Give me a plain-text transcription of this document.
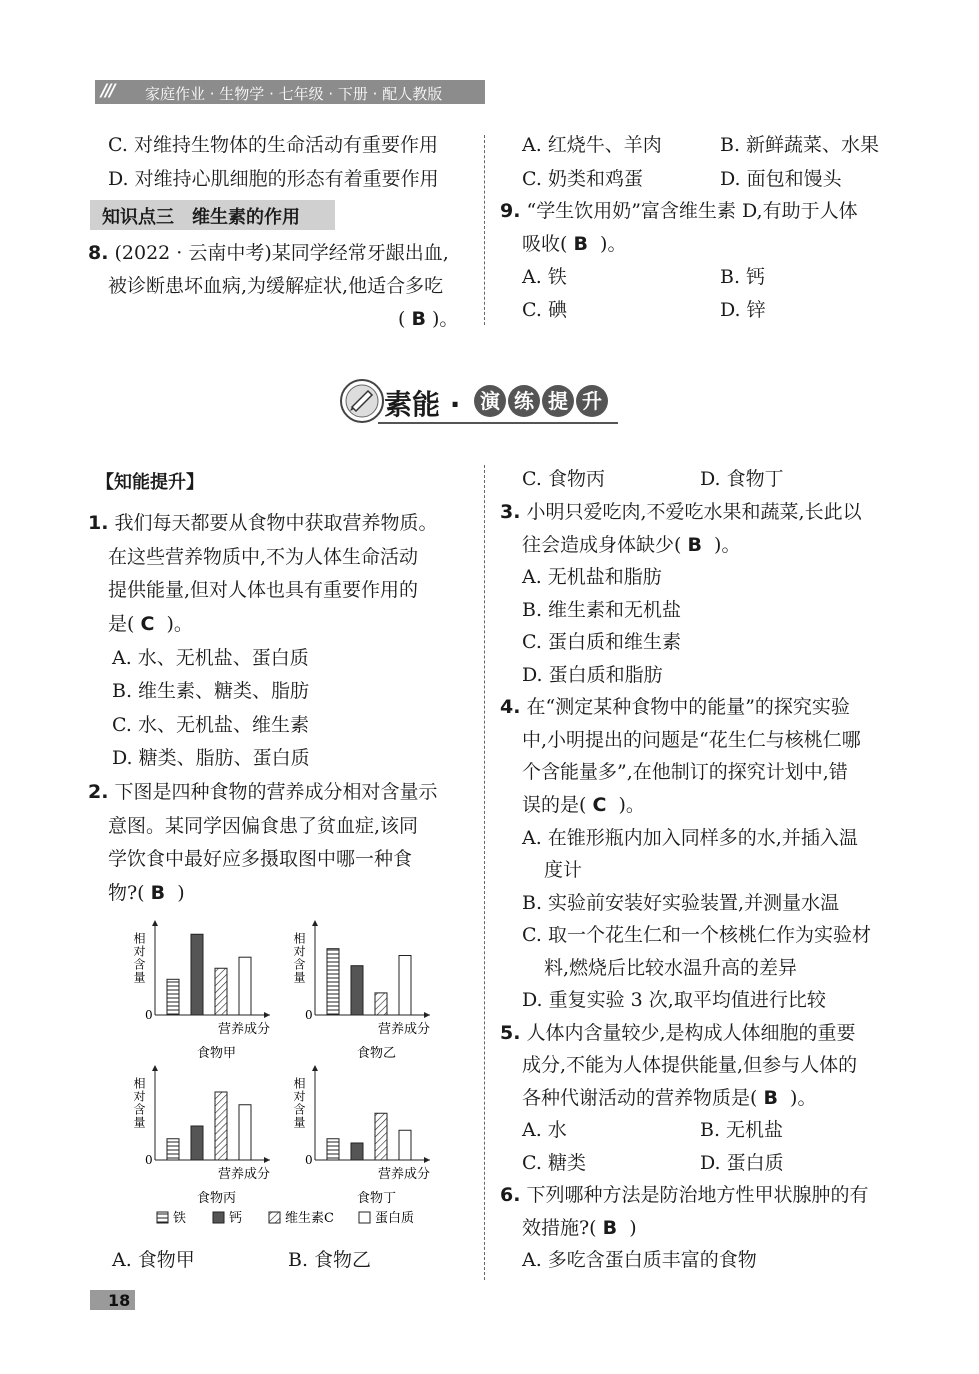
/// 家庭作业 · 生物学 · 七年级 · 下册 · 配人教版
C. 对维持生物体的生命活动有重要作用
D. 对维持心肌细胞的形态有着重要作用
知识点三　维生素的作用
8. (2022 · 云南中考)某同学经常牙龈出血,
被诊断患坏血病,为缓解症状,他适合多吃
( B )。
A. 红烧牛、羊肉	B. 新鲜蔬菜、水果
C. 奶类和鸡蛋	D. 面包和馒头
9. “学生饮用奶”富含维生素 D,有助于人体
吸收( B )。
A. 铁	B. 钙
C. 碘	D. 锌
素能 · 演 练 提 升
【知能提升】
1. 我们每天都要从食物中获取营养物质。
在这些营养物质中,不为人体生命活动
提供能量,但对人体也具有重要作用的
是( C )。
A. 水、无机盐、蛋白质
B. 维生素、糖类、脂肪
C. 水、无机盐、维生素
D. 糖类、脂肪、蛋白质
2. 下图是四种食物的营养成分相对含量示
意图。某同学因偏食患了贫血症,该同
学饮食中最好应多摄取图中哪一种食
物?( B )
相对含量
0
营养成分
食物甲
相对含量
0
营养成分
食物乙
相对含量
0
营养成分
食物丙
相对含量
0
营养成分
食物丁
铁	钙	维生素C	蛋白质
A. 食物甲	B. 食物乙
C. 食物丙	D. 食物丁
3. 小明只爱吃肉,不爱吃水果和蔬菜,长此以
往会造成身体缺少( B )。
A. 无机盐和脂肪
B. 维生素和无机盐
C. 蛋白质和维生素
D. 蛋白质和脂肪
4. 在“测定某种食物中的能量”的探究实验
中,小明提出的问题是“花生仁与核桃仁哪
个含能量多”,在他制订的探究计划中,错
误的是( C )。
A. 在锥形瓶内加入同样多的水,并插入温
度计
B. 实验前安装好实验装置,并测量水温
C. 取一个花生仁和一个核桃仁作为实验材
料,燃烧后比较水温升高的差异
D. 重复实验 3 次,取平均值进行比较
5. 人体内含量较少,是构成人体细胞的重要
成分,不能为人体提供能量,但参与人体的
各种代谢活动的营养物质是( B )。
A. 水	B. 无机盐
C. 糖类	D. 蛋白质
6. 下列哪种方法是防治地方性甲状腺肿的有
效措施?( B )
A. 多吃含蛋白质丰富的食物
18
